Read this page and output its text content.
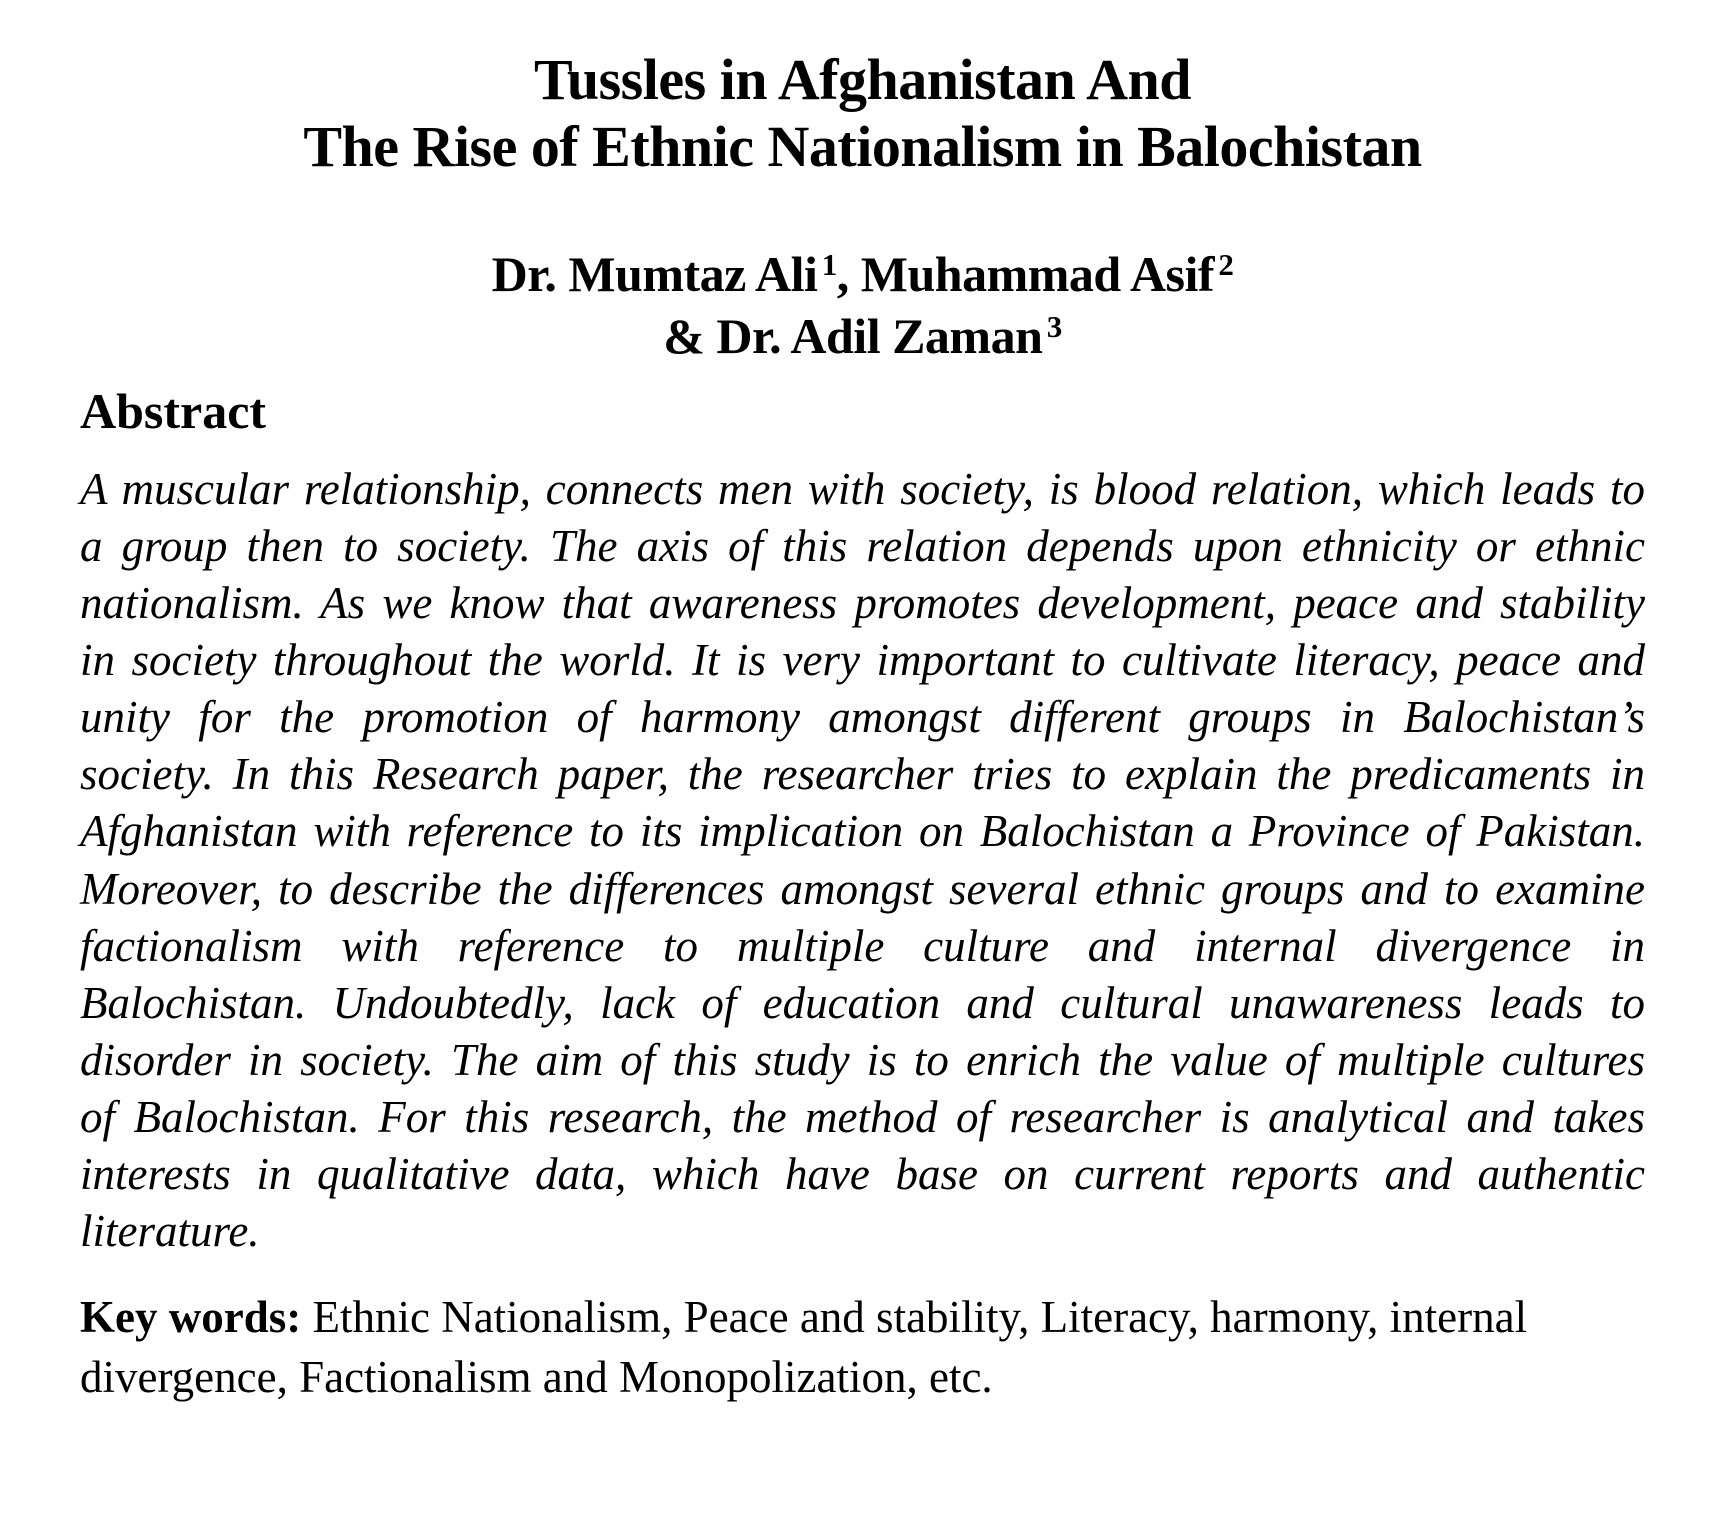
Tussles in Afghanistan And
The Rise of Ethnic Nationalism in Balochistan
Dr. Mumtaz Ali $^1$, Muhammad Asif $^2$
& Dr. Adil Zaman $^3$
Abstract

A muscular relationship, connects men with society, is blood relation, which leads to a group then to society. The axis of this relation depends upon ethnicity or ethnic nationalism. As we know that awareness promotes development, peace and stability in society throughout the world. It is very important to cultivate literacy, peace and unity for the promotion of harmony amongst different groups in Balochistan’s society. In this Research paper, the researcher tries to explain the predicaments in Afghanistan with reference to its implication on Balochistan a Province of Pakistan. Moreover, to describe the differences amongst several ethnic groups and to examine factionalism with reference to multiple culture and internal divergence in Balochistan. Undoubtedly, lack of education and cultural unawareness leads to disorder in society. The aim of this study is to enrich the value of multiple cultures of Balochistan. For this research, the method of researcher is analytical and takes interests in qualitative data, which have base on current reports and authentic literature.

Key words: Ethnic Nationalism, Peace and stability, Literacy, harmony, internal divergence, Factionalism and Monopolization, etc.
